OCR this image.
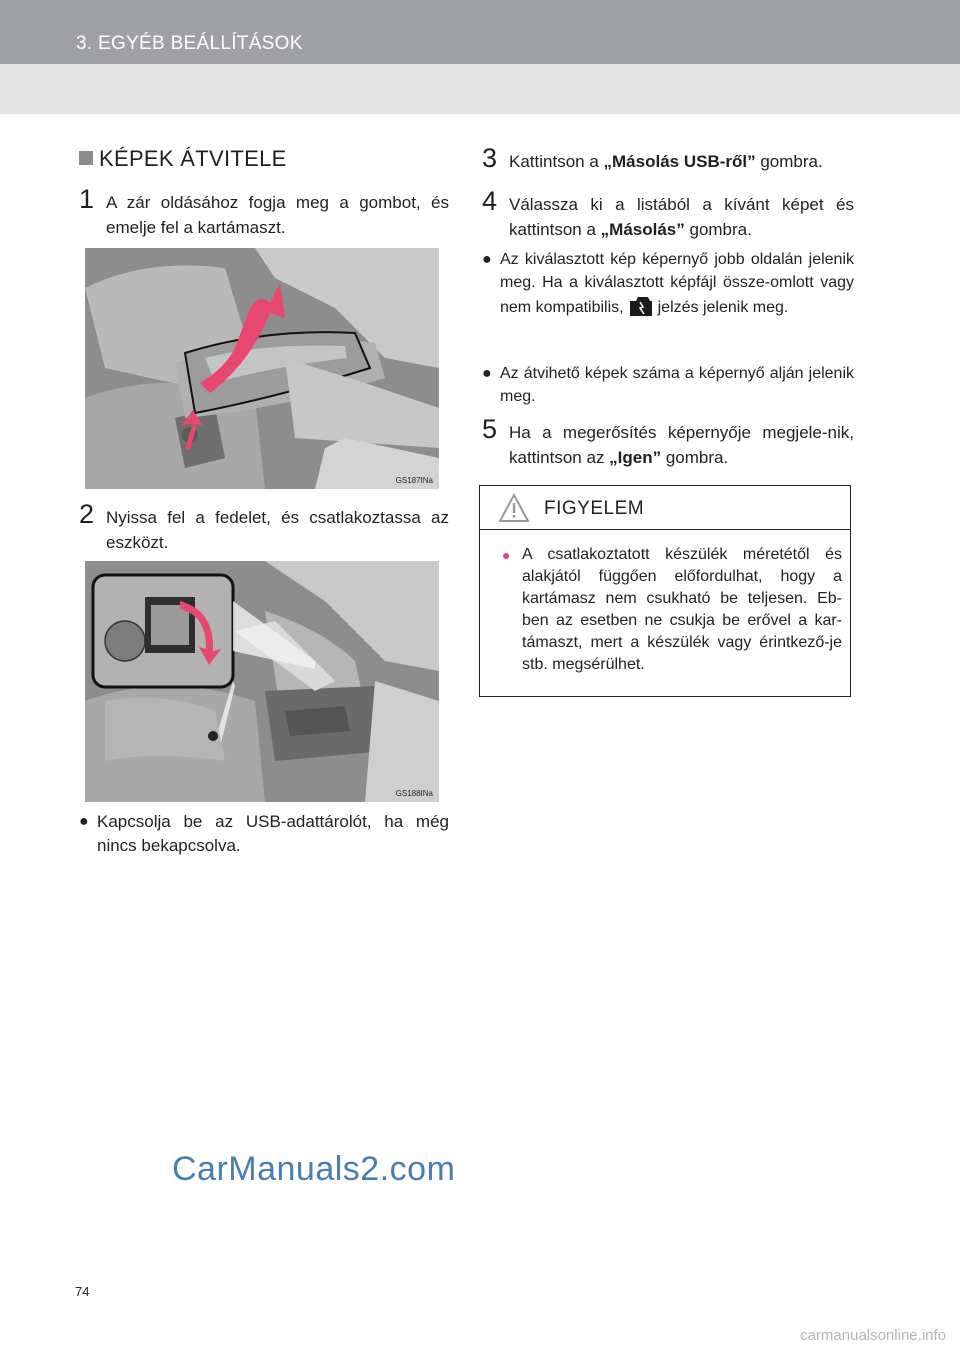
3. EGYÉB BEÁLLÍTÁSOK
KÉPEK ÁTVITELE
1 A zár oldásához fogja meg a gombot, és emelje fel a kartámaszt.
GS187INa
2 Nyissa fel a fedelet, és csatlakoztassa az eszközt.
GS188INa
● Kapcsolja be az USB-adattárolót, ha még nincs bekapcsolva.
3 Kattintson a „Másolás USB-ről” gombra.
4 Válassza ki a listából a kívánt képet és kattintson a „Másolás” gombra.
● Az kiválasztott kép képernyő jobb oldalán jelenik meg. Ha a kiválasztott képfájl össze-omlott vagy nem kompatibilis, jelzés jelenik meg.
● Az átvihető képek száma a képernyő alján jelenik meg.
5 Ha a megerősítés képernyője megjele-nik, kattintson az „Igen” gombra.
FIGYELEM
● A csatlakoztatott készülék méretétől és alakjától függően előfordulhat, hogy a kartámasz nem csukható be teljesen. Eb-ben az esetben ne csukja be erővel a kar-támaszt, mert a készülék vagy érintkező-je stb. megsérülhet.
CarManuals2.com
74
carmanualsonline.info
